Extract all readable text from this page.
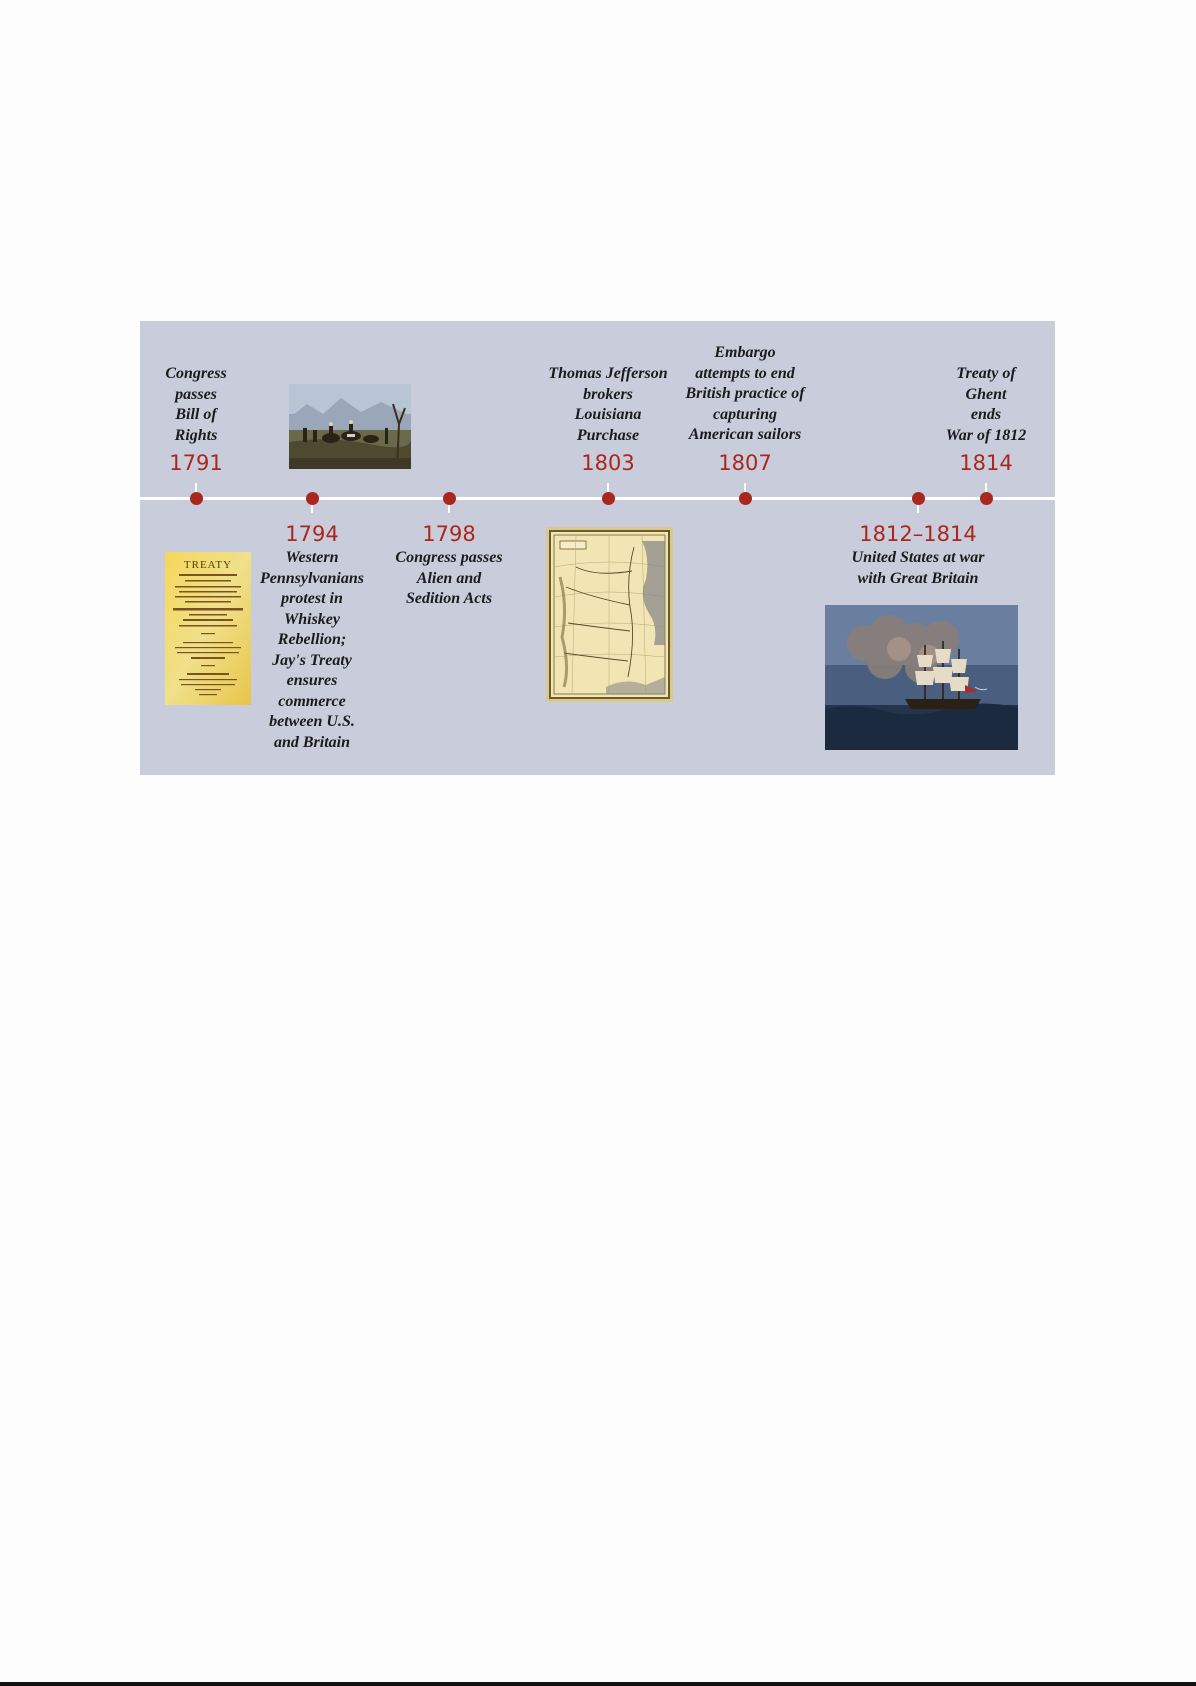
Congress
passes
Bill of
Rights
1791
1794
Western
Pennsylvanians
protest in
Whiskey
Rebellion;
Jay's Treaty
ensures
commerce
between U.S.
and Britain
1798
Congress passes
Alien and
Sedition Acts
Thomas Jefferson
brokers
Louisiana
Purchase
1803
Embargo
attempts to end
British practice of
capturing
American sailors
1807
1812–1814
United States at war
with Great Britain
Treaty of
Ghent
ends
War of 1812
1814
TREATY
